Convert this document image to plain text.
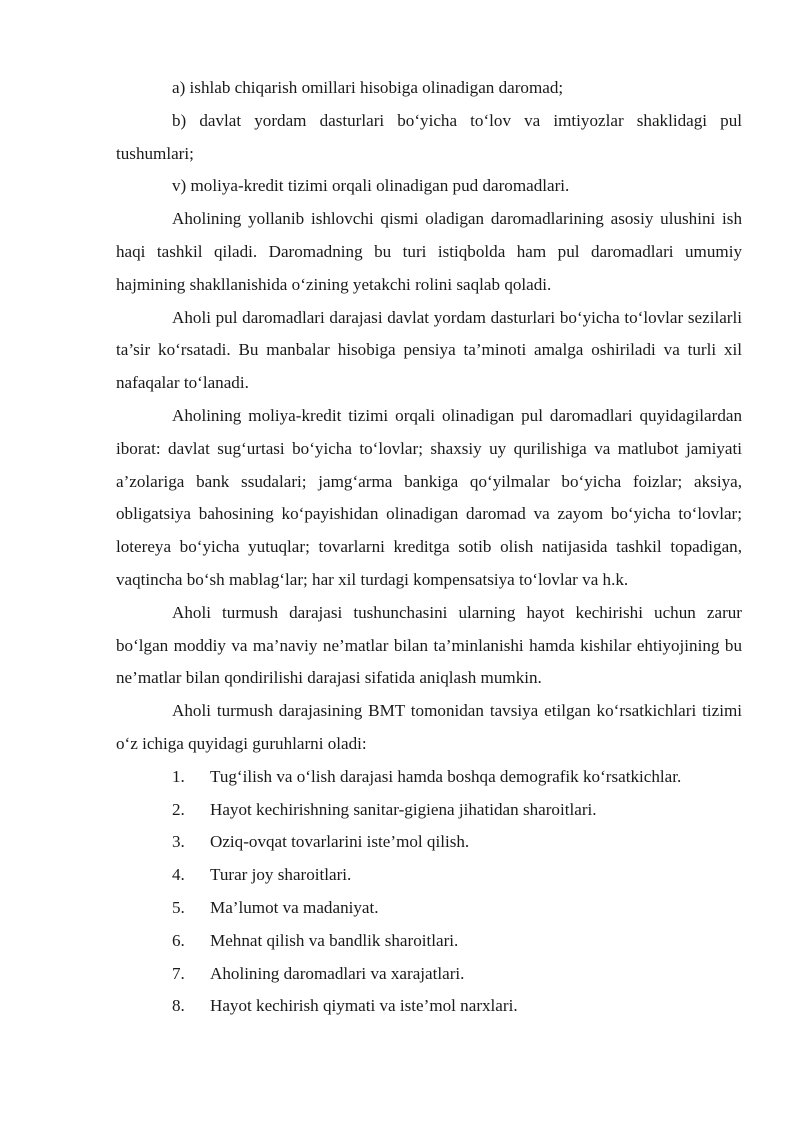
a) ishlab chiqarish omillari hisobiga olinadigan daromad;

b) davlat yordam dasturlari bo‘yicha to‘lov va imtiyozlar shaklidagi pul tushumlari;

v) moliya-kredit tizimi orqali olinadigan pud daromadlari.

Aholining yollanib ishlovchi qismi oladigan daromadlarining asosiy ulushini ish haqi tashkil qiladi. Daromadning bu turi istiqbolda ham pul daromadlari umumiy hajmining shakllanishida o‘zining yetakchi rolini saqlab qoladi.

Aholi pul daromadlari darajasi davlat yordam dasturlari bo‘yicha to‘lovlar sezilarli ta’sir ko‘rsatadi. Bu manbalar hisobiga pensiya ta’minoti amalga oshiriladi va turli xil nafaqalar to‘lanadi.

Aholining moliya-kredit tizimi orqali olinadigan pul daromadlari quyidagilardan iborat: davlat sug‘urtasi bo‘yicha to‘lovlar; shaxsiy uy qurilishiga va matlubot jamiyati a’zolariga bank ssudalari; jamg‘arma bankiga qo‘yilmalar bo‘yicha foizlar; aksiya, obligatsiya bahosining ko‘payishidan olinadigan daromad va zayom bo‘yicha to‘lovlar; lotereya bo‘yicha yutuqlar; tovarlarni kreditga sotib olish natijasida tashkil topadigan, vaqtincha bo‘sh mablag‘lar; har xil turdagi kompensatsiya to‘lovlar va h.k.

Aholi turmush darajasi tushunchasini ularning hayot kechirishi uchun zarur bo‘lgan moddiy va ma’naviy ne’matlar bilan ta’minlanishi hamda kishilar ehtiyojining bu ne’matlar bilan qondirilishi darajasi sifatida aniqlash mumkin.

Aholi turmush darajasining BMT tomonidan tavsiya etilgan ko‘rsatkichlari tizimi o‘z ichiga quyidagi guruhlarni oladi:

1.	Tug‘ilish va o‘lish darajasi hamda boshqa demografik ko‘rsatkichlar.
2.	Hayot kechirishning sanitar-gigiena jihatidan sharoitlari.
3.	Oziq-ovqat tovarlarini iste’mol qilish.
4.	Turar joy sharoitlari.
5.	Ma’lumot va madaniyat.
6.	Mehnat qilish va bandlik sharoitlari.
7.	Aholining daromadlari va xarajatlari.
8.	Hayot kechirish qiymati va iste’mol narxlari.
